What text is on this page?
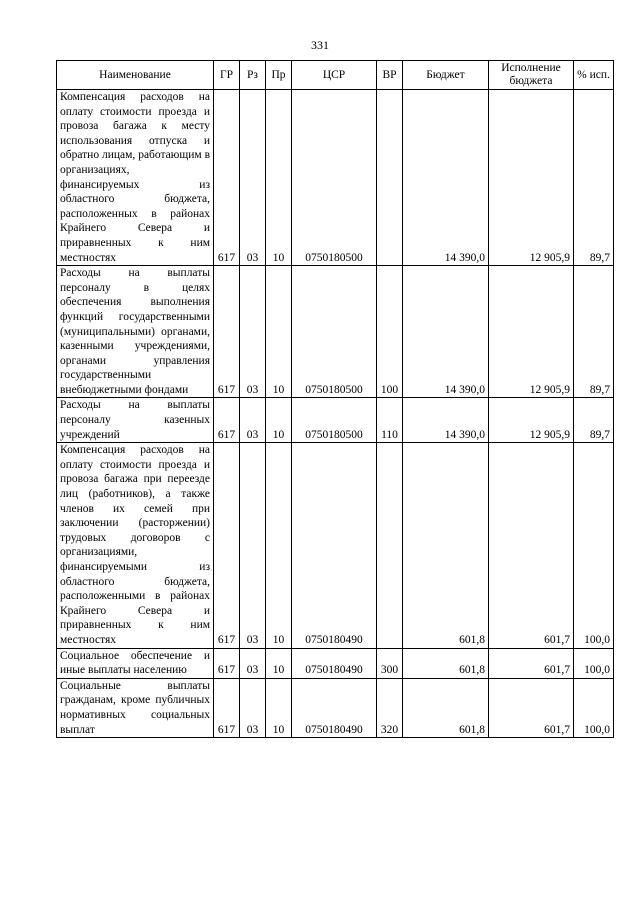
331
Наименование	ГР	Рз	Пр	ЦСР	ВР	Бюджет	Исполнение бюджета	% исп.
Компенсация расходов на оплату стоимости проезда и провоза багажа к месту использования отпуска и обратно лицам, работающим в организациях, финансируемых из областного бюджета, расположенных в районах Крайнего Севера и приравненных к ним местностях	617	03	10	0750180500		14 390,0	12 905,9	89,7
Расходы на выплаты персоналу в целях обеспечения выполнения функций государственными (муниципальными) органами, казенными учреждениями, органами управления государственными внебюджетными фондами	617	03	10	0750180500	100	14 390,0	12 905,9	89,7
Расходы на выплаты персоналу казенных учреждений	617	03	10	0750180500	110	14 390,0	12 905,9	89,7
Компенсация расходов на оплату стоимости проезда и провоза багажа при переезде лиц (работников), а также членов их семей при заключении (расторжении) трудовых договоров с организациями, финансируемыми из областного бюджета, расположенными в районах Крайнего Севера и приравненных к ним местностях	617	03	10	0750180490		601,8	601,7	100,0
Социальное обеспечение и иные выплаты населению	617	03	10	0750180490	300	601,8	601,7	100,0
Социальные выплаты гражданам, кроме публичных нормативных социальных выплат	617	03	10	0750180490	320	601,8	601,7	100,0
